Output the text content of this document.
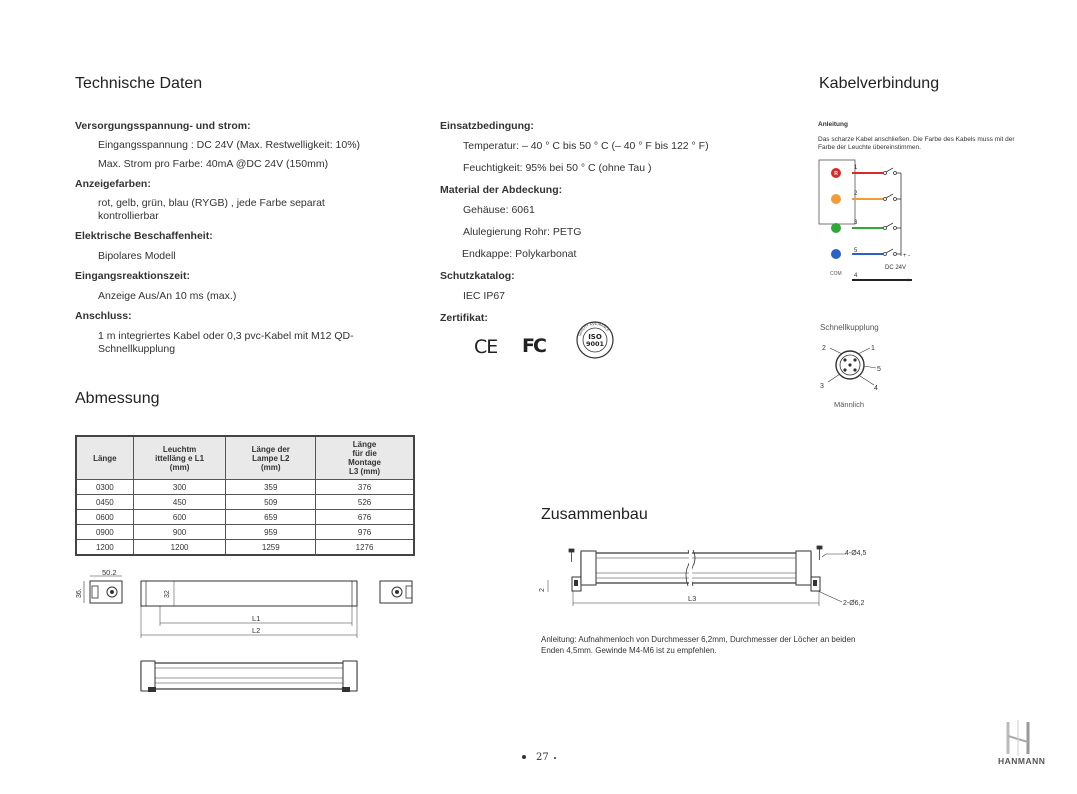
Technische Daten
Versorgungsspannung- und strom:
Eingangsspannung : DC 24V (Max. Restwelligkeit: 10%)
Max. Strom pro Farbe: 40mA @DC 24V (150mm)
Anzeigefarben:
rot, gelb, grün, blau (RYGB) , jede Farbe separat kontrollierbar
Elektrische Beschaffenheit:
Bipolares Modell
Eingangsreaktionszeit:
Anzeige Aus/An 10 ms (max.)
Anschluss:
1 m integriertes Kabel oder 0,3 pvc-Kabel mit M12 QD-Schnellkupplung
Einsatzbedingung:
Temperatur: – 40 ° C bis 50 ° C (– 40 ° F bis 122 ° F)
Feuchtigkeit: 95% bei 50 ° C (ohne Tau )
Material der Abdeckung:
Gehäuse: 6061
Alulegierung Rohr: PETG
Endkappe: Polykarbonat
Schutzkatalog:
IEC IP67
Zertifikat:
CE FC	ISO
9001
QUALITY ASSURANCE
Abmessung
Länge	Leuchtm ittelläng e L1 (mm)	Länge der Lampe L2 (mm)	Länge für die Montage L3 (mm)
0300	300	359	376
0450	450	509	526
0600	600	659	676
0900	900	959	976
1200	1200	1259	1276
50.2
36.	32
L1
L2
Kabelverbindung
Anleitung
Das scharze Kabel anschließen. Die Farbe des Kabels muss mit der Farbe der Leuchte übereinstimmen.
R
COM
1
2
3
5
4
+ -
DC 24V
- +
Schnellkupplung
2	1
5
3	4
Männlich
Zusammenbau
4-Ø4,5
2-Ø6,2
L3
2
Anleitung: Aufnahmenloch von Durchmesser 6,2mm, Durchmesser der Löcher an beiden Enden 4,5mm. Gewinde M4-M6 ist zu empfehlen.
27	HANMANN
